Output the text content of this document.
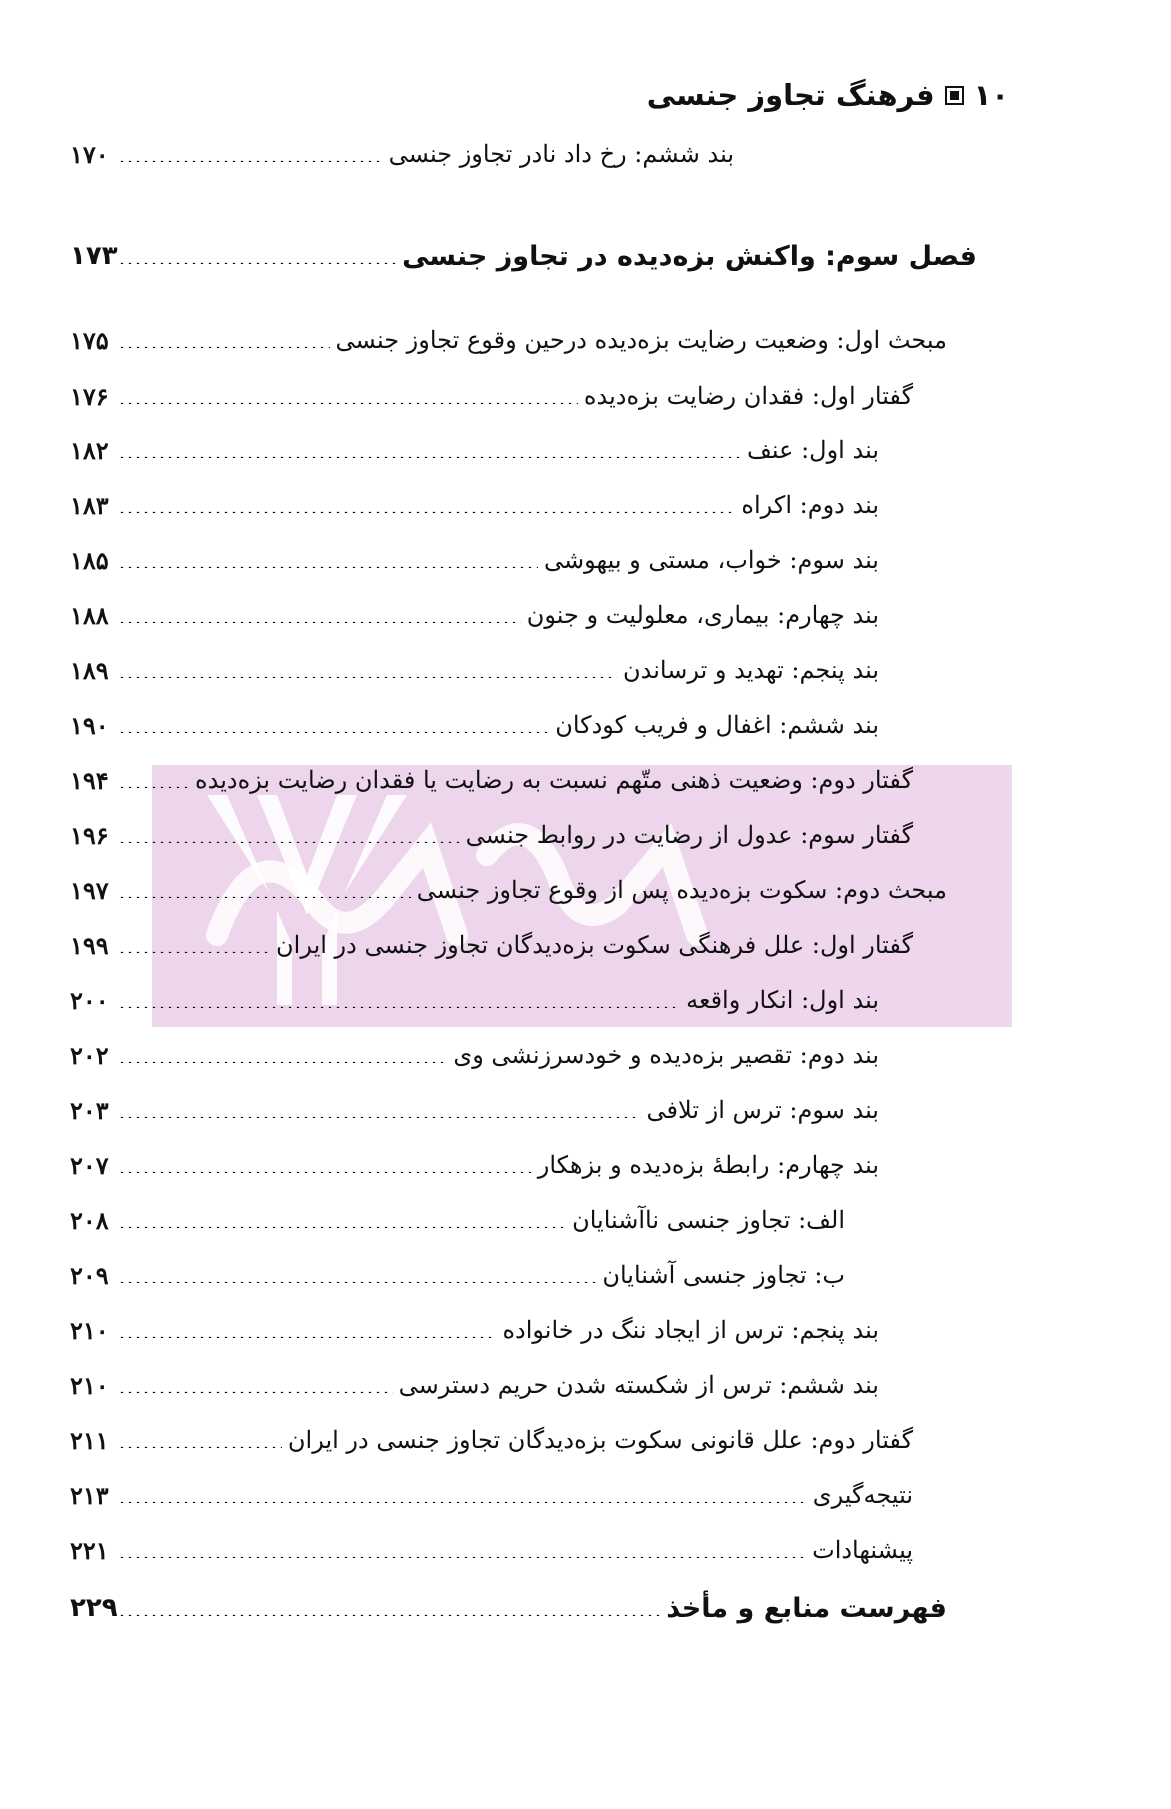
۱۰
فرهنگ تجاوز جنسی
بند ششم: رخ داد نادر تجاوز جنسی
۱۷۰
فصل سوم: واکنش بزه‌دیده در تجاوز جنسی
۱۷۳
مبحث اول: وضعیت رضایت بزه‌دیده درحین وقوع تجاوز جنسی
۱۷۵
گفتار اول: فقدان رضایت بزه‌دیده
۱۷۶
بند اول: عنف
۱۸۲
بند دوم: اکراه
۱۸۳
بند سوم: خواب، مستی و بیهوشی
۱۸۵
بند چهارم: بیماری، معلولیت و جنون
۱۸۸
بند پنجم: تهدید و ترساندن
۱۸۹
بند ششم: اغفال و فریب کودکان
۱۹۰
گفتار دوم: وضعیت ذهنی متّهم نسبت به رضایت یا فقدان رضایت بزه‌دیده
۱۹۴
گفتار سوم: عدول از رضایت در روابط جنسی
۱۹۶
مبحث دوم: سکوت بزه‌دیده پس از وقوع تجاوز جنسی
۱۹۷
گفتار اول: علل فرهنگی سکوت بزه‌دیدگان تجاوز جنسی در ایران
۱۹۹
بند اول: انکار واقعه
۲۰۰
بند دوم: تقصیر بزه‌دیده و خودسرزنشی وی
۲۰۲
بند سوم: ترس از تلافی
۲۰۳
بند چهارم: رابطهٔ بزه‌دیده و بزهکار
۲۰۷
الف: تجاوز جنسی ناآشنایان
۲۰۸
ب: تجاوز جنسی آشنایان
۲۰۹
بند پنجم: ترس از ایجاد ننگ در خانواده
۲۱۰
بند ششم: ترس از شکسته شدن حریم دسترسی
۲۱۰
گفتار دوم: علل قانونی سکوت بزه‌دیدگان تجاوز جنسی در ایران
۲۱۱
نتیجه‌گیری
۲۱۳
پیشنهادات
۲۲۱
فهرست منابع و مأخذ
۲۲۹
